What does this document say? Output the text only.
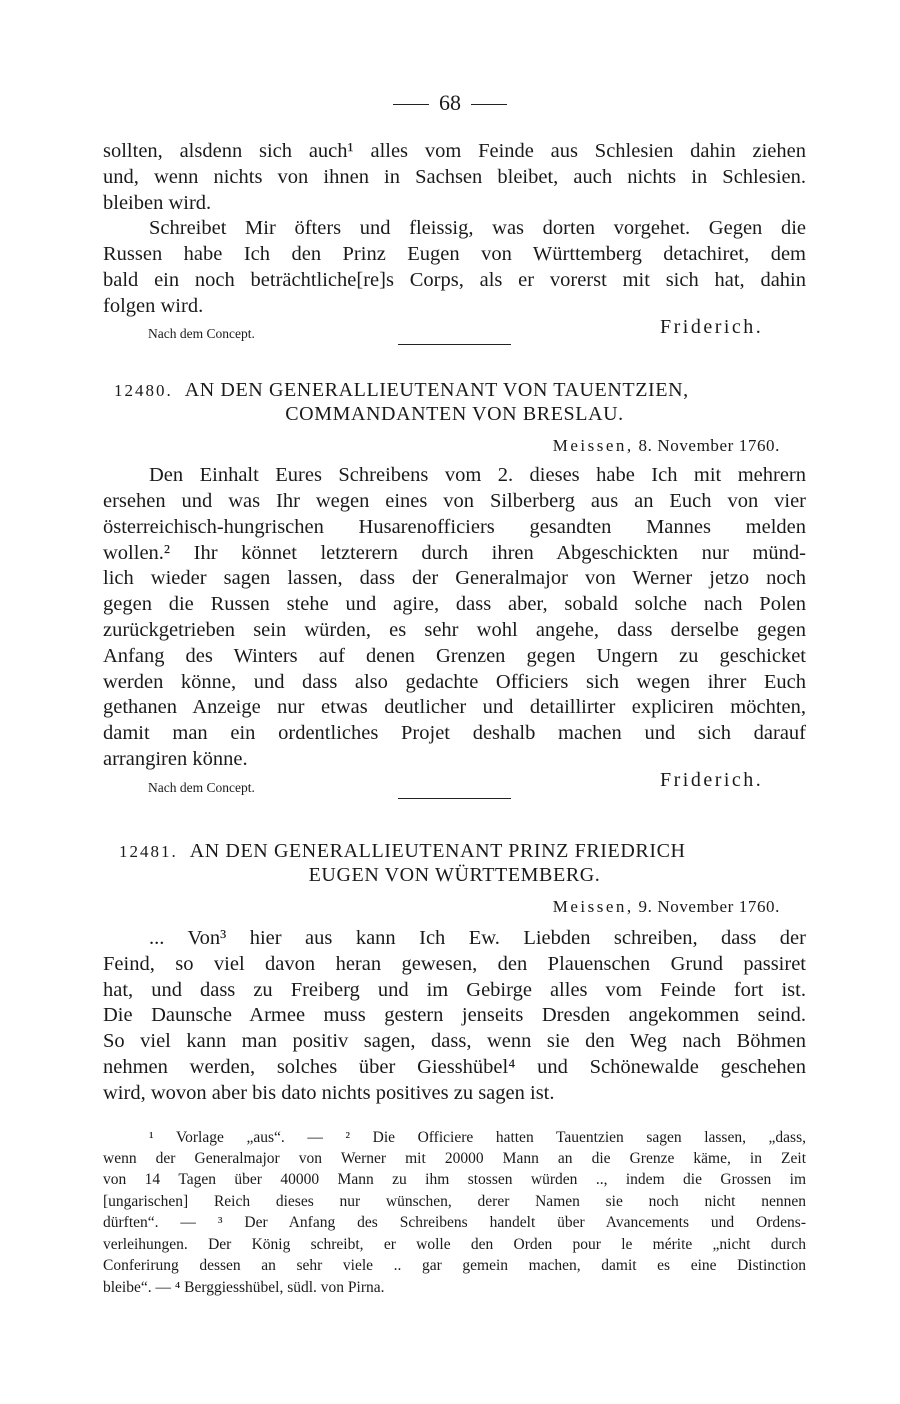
68
sollten, alsdenn sich auch¹ alles vom Feinde aus Schlesien dahin ziehen
und, wenn nichts von ihnen in Sachsen bleibet, auch nichts in Schlesien.
bleiben wird.
Schreibet Mir öfters und fleissig, was dorten vorgehet. Gegen die
Russen habe Ich den Prinz Eugen von Württemberg detachiret, dem
bald ein noch beträchtliche[re]s Corps, als er vorerst mit sich hat, dahin
folgen wird.
Nach dem Concept.	Friderich.
12480. AN DEN GENERALLIEUTENANT VON TAUENTZIEN,
COMMANDANTEN VON BRESLAU.
Meissen, 8. November 1760.
Den Einhalt Eures Schreibens vom 2. dieses habe Ich mit mehrern
ersehen und was Ihr wegen eines von Silberberg aus an Euch von vier
österreichisch-hungrischen Husarenofficiers gesandten Mannes melden
wollen.² Ihr könnet letzterern durch ihren Abgeschickten nur münd-
lich wieder sagen lassen, dass der Generalmajor von Werner jetzo noch
gegen die Russen stehe und agire, dass aber, sobald solche nach Polen
zurückgetrieben sein würden, es sehr wohl angehe, dass derselbe gegen
Anfang des Winters auf denen Grenzen gegen Ungern zu geschicket
werden könne, und dass also gedachte Officiers sich wegen ihrer Euch
gethanen Anzeige nur etwas deutlicher und detaillirter expliciren möchten,
damit man ein ordentliches Projet deshalb machen und sich darauf
arrangiren könne.
Nach dem Concept.	Friderich.
12481. AN DEN GENERALLIEUTENANT PRINZ FRIEDRICH
EUGEN VON WÜRTTEMBERG.
Meissen, 9. November 1760.
... Von³ hier aus kann Ich Ew. Liebden schreiben, dass der
Feind, so viel davon heran gewesen, den Plauenschen Grund passiret
hat, und dass zu Freiberg und im Gebirge alles vom Feinde fort ist.
Die Daunsche Armee muss gestern jenseits Dresden angekommen seind.
So viel kann man positiv sagen, dass, wenn sie den Weg nach Böhmen
nehmen werden, solches über Giesshübel⁴ und Schönewalde geschehen
wird, wovon aber bis dato nichts positives zu sagen ist.
¹ Vorlage „aus“. — ² Die Officiere hatten Tauentzien sagen lassen, „dass,
wenn der Generalmajor von Werner mit 20000 Mann an die Grenze käme, in Zeit
von 14 Tagen über 40000 Mann zu ihm stossen würden .., indem die Grossen im
[ungarischen] Reich dieses nur wünschen, derer Namen sie noch nicht nennen
dürften“. — ³ Der Anfang des Schreibens handelt über Avancements und Ordens-
verleihungen. Der König schreibt, er wolle den Orden pour le mérite „nicht durch
Conferirung dessen an sehr viele .. gar gemein machen, damit es eine Distinction
bleibe“. — ⁴ Berggiesshübel, südl. von Pirna.
